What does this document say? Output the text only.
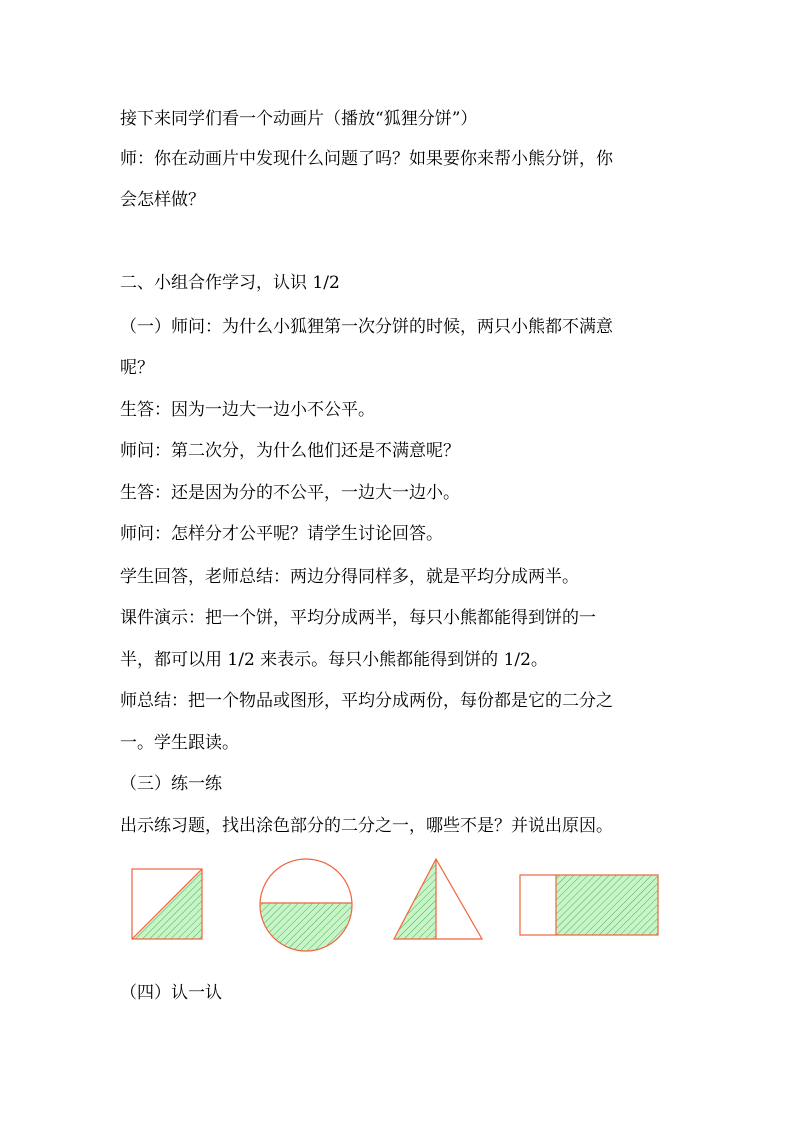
接下来同学们看一个动画片（播放“狐狸分饼”）
师：你在动画片中发现什么问题了吗？如果要你来帮小熊分饼，你
会怎样做？
二、小组合作学习，认识 1/2
（一）师问：为什么小狐狸第一次分饼的时候，两只小熊都不满意
呢？
生答：因为一边大一边小不公平。
师问：第二次分，为什么他们还是不满意呢？
生答：还是因为分的不公平，一边大一边小。
师问：怎样分才公平呢？请学生讨论回答。
学生回答，老师总结：两边分得同样多，就是平均分成两半。
课件演示：把一个饼，平均分成两半，每只小熊都能得到饼的一
半，都可以用 1/2 来表示。每只小熊都能得到饼的 1/2。
师总结：把一个物品或图形，平均分成两份，每份都是它的二分之
一。学生跟读。
（三）练一练
出示练习题，找出涂色部分的二分之一，哪些不是？并说出原因。
（四）认一认
